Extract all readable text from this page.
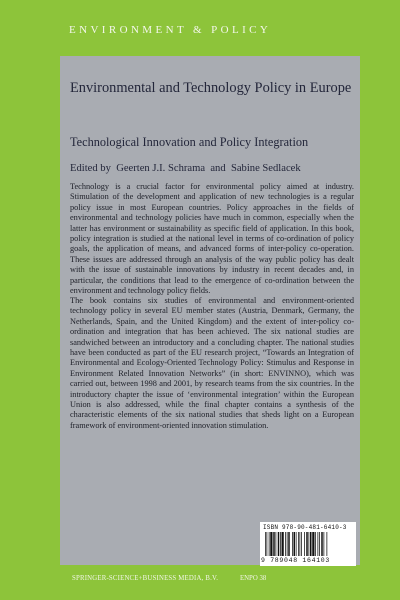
ENVIRONMENT & POLICY
Environmental and Technology Policy in Europe
Technological Innovation and Policy Integration
Edited by Geerten J.I. Schrama and Sabine Sedlacek

Technology is a crucial factor for environmental policy aimed at industry. Stimulation of the development and application of new technologies is a regular policy issue in most European countries. Policy approaches in the fields of environmental and technology policies have much in common, especially when the latter has environment or sustainability as specific field of application. In this book, policy integration is studied at the national level in terms of co-ordination of policy goals, the application of means, and advanced forms of inter-policy co-operation. These issues are addressed through an analysis of the way public policy has dealt with the issue of sustainable innovations by industry in recent decades and, in particular, the conditions that lead to the emergence of co-ordination between the environment and technology policy fields.

The book contains six studies of environmental and environment-oriented technology policy in several EU member states (Austria, Denmark, Germany, the Netherlands, Spain, and the United Kingdom) and the extent of inter-policy co-ordination and integration that has been achieved. The six national studies are sandwiched between an introductory and a concluding chapter. The national studies have been conducted as part of the EU research project, “Towards an Integration of Environmental and Ecology-Oriented Technology Policy: Stimulus and Response in Environment Related Innovation Networks” (in short: ENVINNO), which was carried out, between 1998 and 2001, by research teams from the six countries. In the introductory chapter the issue of ‘environmental integration’ within the European Union is also addressed, while the final chapter contains a synthesis of the characteristic elements of the six national studies that sheds light on a European framework of environment-oriented innovation stimulation.

ISBN 978-90-481-6410-3
9 789048 164103
SPRINGER-SCIENCE+BUSINESS MEDIA, B.V.	ENPO 38
